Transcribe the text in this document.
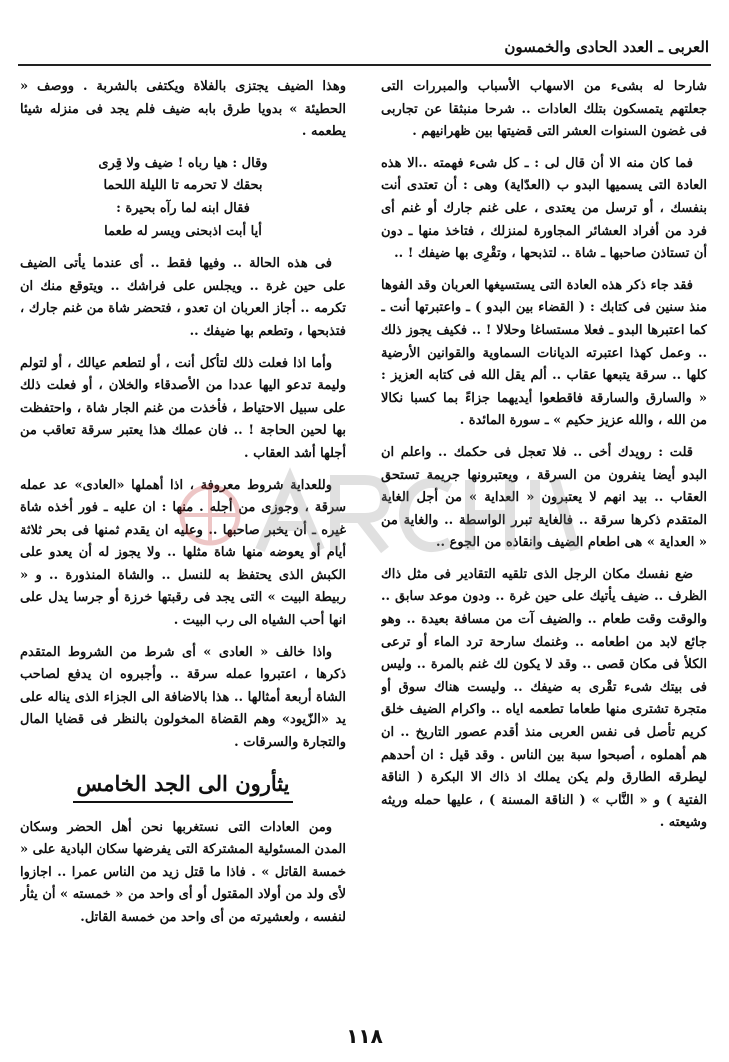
العربى ـ العدد الحادى والخمسون

شارحا له بشىء من الاسهاب الأسباب والمبررات التى جعلتهم يتمسكون بتلك العادات .. شرحا منبثقا عن تجاربى فى غضون السنوات العشر التى قضيتها بين ظهرانيهم .

فما كان منه الا أن قال لى : ـ كل شىء فهمته ..الا هذه العادة التى يسميها البدو ب (العدّاية) وهى : أن تعتدى أنت بنفسك ، أو ترسل من يعتدى ، على غنم جارك أو غنم أى فرد من أفراد العشائر المجاورة لمنزلك ، فتاخذ منها ـ دون أن تستاذن صاحبها ـ شاة .. لتذبحها ، وتقْرِى بها ضيفك ! ..

فقد جاء ذكر هذه العادة التى يستسيغها العربان وقد الفوها منذ سنين فى كتابك : ( القضاء بين البدو ) ـ واعتبرتها أنت ـ كما اعتبرها البدو ـ فعلا مستساغا وحلالا ! .. فكيف يجوز ذلك .. وعمل كهذا اعتبرته الديانات السماوية والقوانين الأرضية كلها .. سرقة يتبعها عقاب .. ألم يقل الله فى كتابه العزيز : « والسارق والسارقة فاقطعوا أيديهما جزاءً بما كسبا نكالا من الله ، والله عزيز حكيم » ـ سورة المائدة .

قلت : رويدك أخى .. فلا تعجل فى حكمك .. واعلم ان البدو أيضا ينفرون من السرقة ، ويعتبرونها جريمة تستحق العقاب .. بيد انهم لا يعتبرون « العداية » من أجل الغاية المتقدم ذكرها سرقة .. فالغاية تبرر الواسطة .. والغاية من « العداية » هى اطعام الضيف وانقاذه من الجوع ..

ضع نفسك مكان الرجل الذى تلقيه التقادير فى مثل ذاك الظرف .. ضيف يأتيك على حين غرة .. ودون موعد سابق .. والوقت وقت طعام .. والضيف آت من مسافة بعيدة .. وهو جائع لابد من اطعامه .. وغنمك سارحة ترد الماء أو ترعى الكلأ فى مكان قصى .. وقد لا يكون لك غنم بالمرة .. وليس فى بيتك شىء تقْرى به ضيفك .. وليست هناك سوق أو متجرة تشترى منها طعاما تطعمه اياه .. واكرام الضيف خلق كريم تأصل فى نفس العربى منذ أقدم عصور التاريخ .. ان هم أهملوه ، أصبحوا سبة بين الناس . وقد قيل : ان أحدهم ليطرقه الطارق ولم يكن يملك اذ ذاك الا البكرة ( الناقة الفتية ) و « النَّاب » ( الناقة المسنة ) ، عليها حمله وريثه وشيعته .

وهذا الضيف يجتزى بالفلاة ويكتفى بالشربة . ووصف « الحطيئة » بدويا طرق بابه ضيف فلم يجد فى منزله شيئا يطعمه .

وقال : هيا رباه ! ضيف ولا قِرى
بحقك لا تحرمه تا الليلة اللحما
فقال ابنه لما رآه بحيرة :
أيا أبت اذبحنى ويسر له طعما

فى هذه الحالة .. وفيها فقط .. أى عندما يأتى الضيف على حين غرة .. ويجلس على فراشك .. ويتوقع منك ان تكرمه .. أجاز العربان ان تعدو ، فتحضر شاة من غنم جارك ، فتذبحها ، وتطعم بها ضيفك ..

وأما اذا فعلت ذلك لتأكل أنت ، أو لتطعم عيالك ، أو لتولم وليمة تدعو اليها عددا من الأصدقاء والخلان ، أو فعلت ذلك على سبيل الاحتياط ، فأخذت من غنم الجار شاة ، واحتفظت بها لحين الحاجة ! .. فان عملك هذا يعتبر سرقة تعاقب من أجلها أشد العقاب .

وللعداية شروط معروفة ، اذا أهملها «العادى» عد عمله سرقة ، وجوزى من أجله . منها : ان عليه ـ فور أخذه شاة غيره ـ أن يخبر صاحبها .. وعليه ان يقدم ثمنها فى بحر ثلاثة أيام أو يعوضه منها شاة مثلها .. ولا يجوز له أن يعدو على الكبش الذى يحتفظ به للنسل .. والشاة المنذورة .. و « ربيطة البيت » التى يجد فى رقبتها خرزة أو جرسا يدل على انها أحب الشياه الى رب البيت .

واذا خالف « العادى » أى شرط من الشروط المتقدم ذكرها ، اعتبروا عمله سرقة .. وأجبروه ان يدفع لصاحب الشاة أربعة أمثالها .. هذا بالاضافة الى الجزاء الذى يناله على يد «الزّيود» وهم القضاة المخولون بالنظر فى قضايا المال والتجارة والسرقات .

يثأرون الى الجد الخامس

ومن العادات التى نستغربها نحن أهل الحضر وسكان المدن المسئولية المشتركة التى يفرضها سكان البادية على « خمسة القاتل » . فاذا ما قتل زيد من الناس عمرا .. اجازوا لأى ولد من أولاد المقتول أو أى واحد من « خمسته » أن يثأر لنفسه ، ولعشيرته من أى واحد من خمسة القاتل.

١١٨
